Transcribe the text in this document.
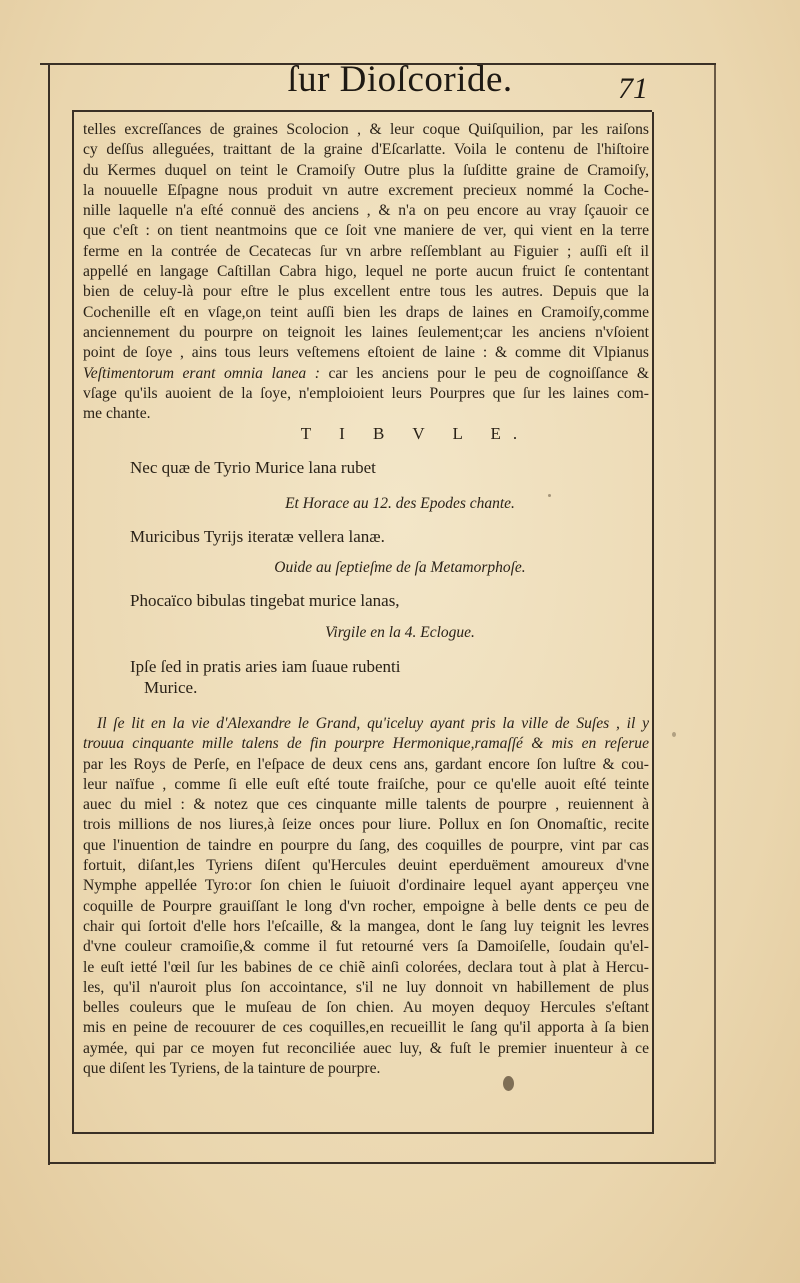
ſur Dioſcoride.	71
telles excreſſances de graines Scolocion , & leur coque Quiſquilion, par les raiſons
cy deſſus alleguées, traittant de la graine d'Eſcarlatte. Voila le contenu de l'hiſtoire
du Kermes duquel on teint le Cramoiſy Outre plus la ſuſditte graine de Cramoiſy,
la nouuelle Eſpagne nous produit vn autre excrement precieux nommé la Coche-
nille laquelle n'a eſté connuë des anciens , & n'a on peu encore au vray ſçauoir ce
que c'eſt : on tient neantmoins que ce ſoit vne maniere de ver, qui vient en la terre
ferme en la contrée de Cecatecas ſur vn arbre reſſemblant au Figuier ; auſſi eſt il
appellé en langage Caſtillan Cabra higo, lequel ne porte aucun fruict ſe contentant
bien de celuy-là pour eſtre le plus excellent entre tous les autres. Depuis que la
Cochenille eſt en vſage,on teint auſſi bien les draps de laines en Cramoiſy,comme
anciennement du pourpre on teignoit les laines ſeulement;car les anciens n'vſoient
point de ſoye , ains tous leurs veſtemens eſtoient de laine : & comme dit Vlpianus
Veſtimentorum erant omnia lanea : car les anciens pour le peu de cognoiſſance &
vſage qu'ils auoient de la ſoye, n'emploioient leurs Pourpres que ſur les laines com-
me chante.
T I B V L E.
Nec quæ de Tyrio Murice lana rubet
Et Horace au 12. des Epodes chante.
Muricibus Tyrijs iteratæ vellera lanæ.
Ouide au ſeptieſme de ſa Metamorphoſe.
Phocaïco bibulas tingebat murice lanas,
Virgile en la 4. Eclogue.
Ipſe ſed in pratis aries iam ſuaue rubenti
Murice.
Il ſe lit en la vie d'Alexandre le Grand, qu'iceluy ayant pris la ville de Suſes , il y
trouua cinquante mille talens de fin pourpre Hermonique,ramaſſé & mis en reſerue
par les Roys de Perſe, en l'eſpace de deux cens ans, gardant encore ſon luſtre & cou-
leur naïfue , comme ſi elle euſt eſté toute fraiſche, pour ce qu'elle auoit eſté teinte
auec du miel : & notez que ces cinquante mille talents de pourpre , reuiennent à
trois millions de nos liures,à ſeize onces pour liure. Pollux en ſon Onomaſtic, recite
que l'inuention de taindre en pourpre du ſang, des coquilles de pourpre, vint par cas
fortuit, diſant,les Tyriens diſent qu'Hercules deuint eperduëment amoureux d'vne
Nymphe appellée Tyro:or ſon chien le ſuiuoit d'ordinaire lequel ayant apperçeu vne
coquille de Pourpre grauiſſant le long d'vn rocher, empoigne à belle dents ce peu de
chair qui ſortoit d'elle hors l'eſcaille, & la mangea, dont le ſang luy teignit les levres
d'vne couleur cramoiſie,& comme il fut retourné vers ſa Damoiſelle, ſoudain qu'el-
le euſt ietté l'œil ſur les babines de ce chiẽ ainſi colorées, declara tout à plat à Hercu-
les, qu'il n'auroit plus ſon accointance, s'il ne luy donnoit vn habillement de plus
belles couleurs que le muſeau de ſon chien. Au moyen dequoy Hercules s'eſtant
mis en peine de recouurer de ces coquilles,en recueillit le ſang qu'il apporta à ſa bien
aymée, qui par ce moyen fut reconciliée auec luy, & fuſt le premier inuenteur à ce
que diſent les Tyriens, de la tainture de pourpre.
